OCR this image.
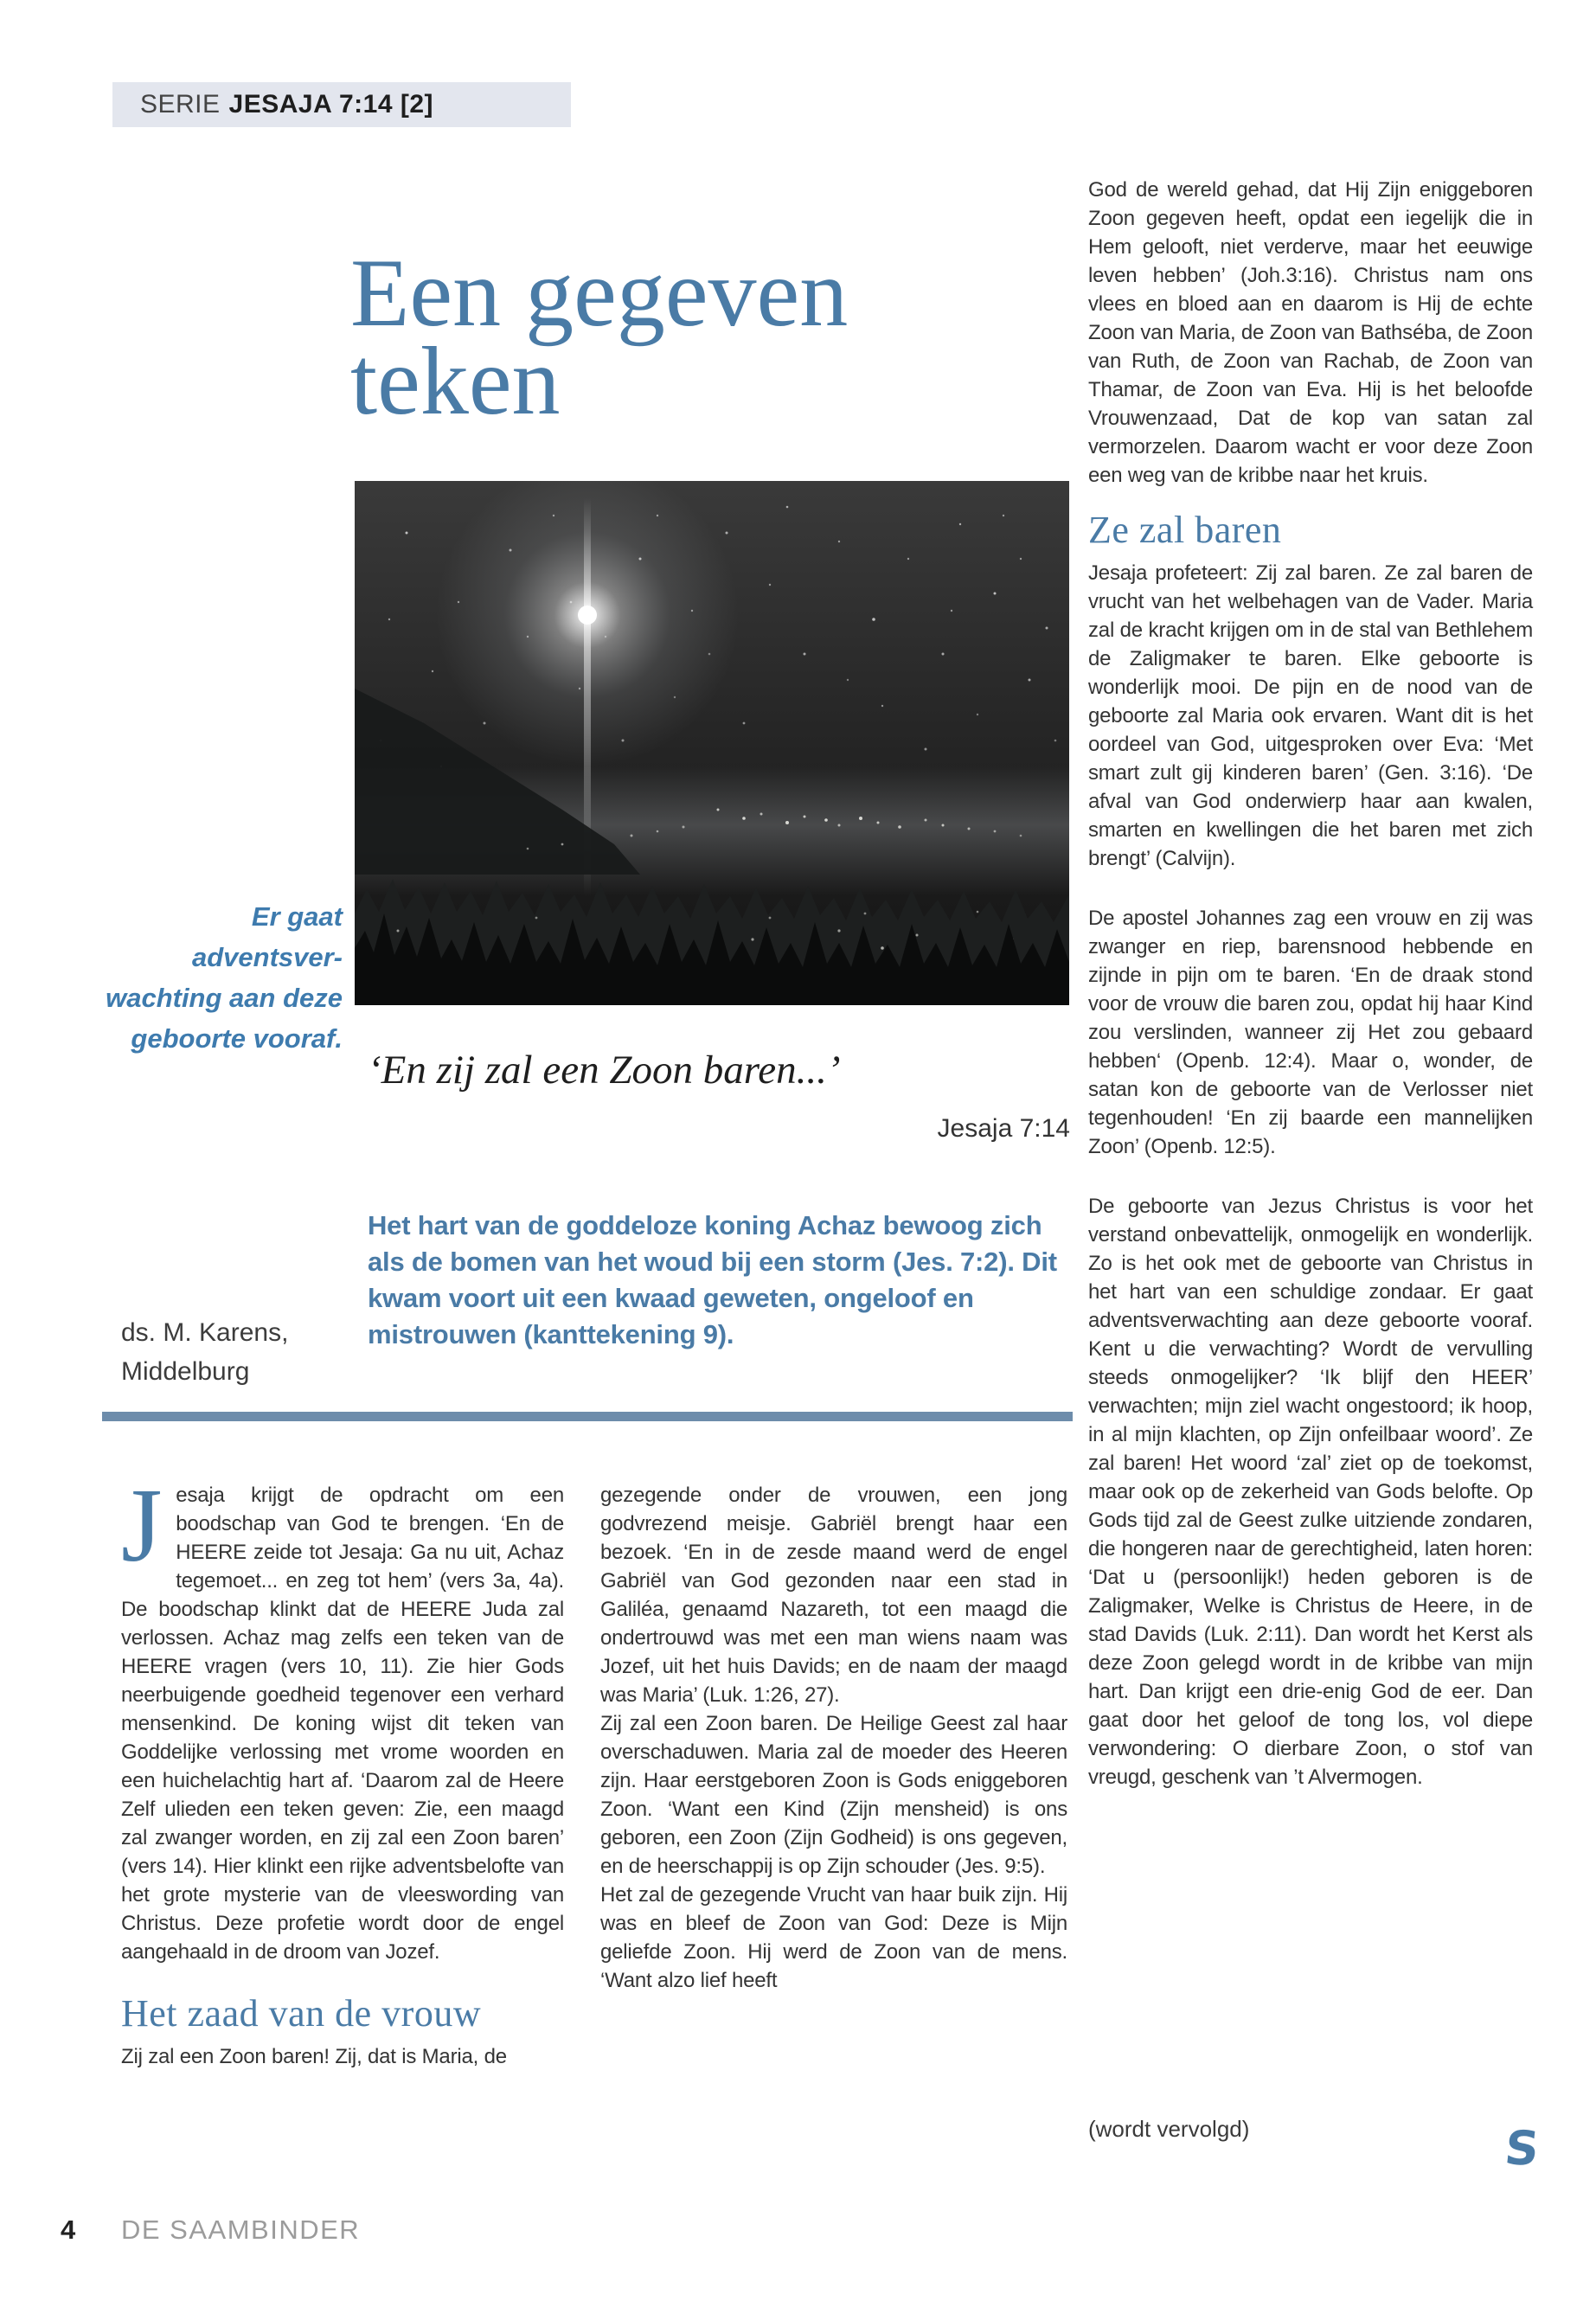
SERIE JESAJA 7:14 [2]
Een gegeven
teken
Er gaat adventsver-
wachting aan deze
geboorte vooraf.
‘En zij zal een Zoon baren...’
Jesaja 7:14
Het hart van de goddeloze koning Achaz bewoog zich als de bomen van het woud bij een storm (Jes. 7:2). Dit kwam voort uit een kwaad geweten, ongeloof en mistrouwen (kanttekening 9).
ds. M. Karens,
Middelburg

Jesaja krijgt de opdracht om een boodschap van God te brengen. ‘En de HEERE zeide tot Jesaja: Ga nu uit, Achaz tegemoet... en zeg tot hem’ (vers 3a, 4a). De boodschap klinkt dat de HEERE Juda zal verlossen. Achaz mag zelfs een teken van de HEERE vragen (vers 10, 11). Zie hier Gods neerbuigende goedheid tegenover een verhard mensenkind. De koning wijst dit teken van Goddelijke verlossing met vrome woorden en een huichelachtig hart af. ‘Daarom zal de Heere Zelf ulieden een teken geven: Zie, een maagd zal zwanger worden, en zij zal een Zoon baren’ (vers 14). Hier klinkt een rijke adventsbelofte van het grote mysterie van de vleeswording van Christus. Deze profetie wordt door de engel aangehaald in de droom van Jozef.

Het zaad van de vrouw

Zij zal een Zoon baren! Zij, dat is Maria, de

gezegende onder de vrouwen, een jong godvrezend meisje. Gabriël brengt haar een bezoek. ‘En in de zesde maand werd de engel Gabriël van God gezonden naar een stad in Galiléa, genaamd Nazareth, tot een maagd die ondertrouwd was met een man wiens naam was Jozef, uit het huis Davids; en de naam der maagd was Maria’ (Luk. 1:26, 27).

Zij zal een Zoon baren. De Heilige Geest zal haar overschaduwen. Maria zal de moeder des Heeren zijn. Haar eerstgeboren Zoon is Gods eniggeboren Zoon. ‘Want een Kind (Zijn mensheid) is ons geboren, een Zoon (Zijn Godheid) is ons gegeven, en de heerschappij is op Zijn schouder (Jes. 9:5).

Het zal de gezegende Vrucht van haar buik zijn. Hij was en bleef de Zoon van God: Deze is Mijn geliefde Zoon. Hij werd de Zoon van de mens. ‘Want alzo lief heeft

God de wereld gehad, dat Hij Zijn eniggeboren Zoon gegeven heeft, opdat een iegelijk die in Hem gelooft, niet verderve, maar het eeuwige leven hebben’ (Joh.3:16). Christus nam ons vlees en bloed aan en daarom is Hij de echte Zoon van Maria, de Zoon van Bathséba, de Zoon van Ruth, de Zoon van Rachab, de Zoon van Thamar, de Zoon van Eva. Hij is het beloofde Vrouwenzaad, Dat de kop van satan zal vermorzelen. Daarom wacht er voor deze Zoon een weg van de kribbe naar het kruis.

Ze zal baren

Jesaja profeteert: Zij zal baren. Ze zal baren de vrucht van het welbehagen van de Vader. Maria zal de kracht krijgen om in de stal van Bethlehem de Zaligmaker te baren. Elke geboorte is wonderlijk mooi. De pijn en de nood van de geboorte zal Maria ook ervaren. Want dit is het oordeel van God, uitgesproken over Eva: ‘Met smart zult gij kinderen baren’ (Gen. 3:16). ‘De afval van God onderwierp haar aan kwalen, smarten en kwellingen die het baren met zich brengt’ (Calvijn).

De apostel Johannes zag een vrouw en zij was zwanger en riep, barensnood hebbende en zijnde in pijn om te baren. ‘En de draak stond voor de vrouw die baren zou, opdat hij haar Kind zou verslinden, wanneer zij Het zou gebaard hebben‘ (Openb. 12:4). Maar o, wonder, de satan kon de geboorte van de Verlosser niet tegenhouden! ‘En zij baarde een mannelijken Zoon’ (Openb. 12:5).

De geboorte van Jezus Christus is voor het verstand onbevattelijk, onmogelijk en wonderlijk. Zo is het ook met de geboorte van Christus in het hart van een schuldige zondaar. Er gaat adventsverwachting aan deze geboorte vooraf. Kent u die verwachting? Wordt de vervulling steeds onmogelijker? ‘Ik blijf den HEER’ verwachten; mijn ziel wacht ongestoord; ik hoop, in al mijn klachten, op Zijn onfeilbaar woord’. Ze zal baren! Het woord ‘zal’ ziet op de toekomst, maar ook op de zekerheid van Gods belofte. Op Gods tijd zal de Geest zulke uitziende zondaren, die hongeren naar de gerechtigheid, laten horen: ‘Dat u (persoonlijk!) heden geboren is de Zaligmaker, Welke is Christus de Heere, in de stad Davids (Luk. 2:11). Dan wordt het Kerst als deze Zoon gelegd wordt in de kribbe van mijn hart. Dan krijgt een drie-enig God de eer. Dan gaat door het geloof de tong los, vol diepe verwondering: O dierbare Zoon, o stof van vreugd, geschenk van ’t Alvermogen.

(wordt vervolgd)	S
4 DE SAAMBINDER
